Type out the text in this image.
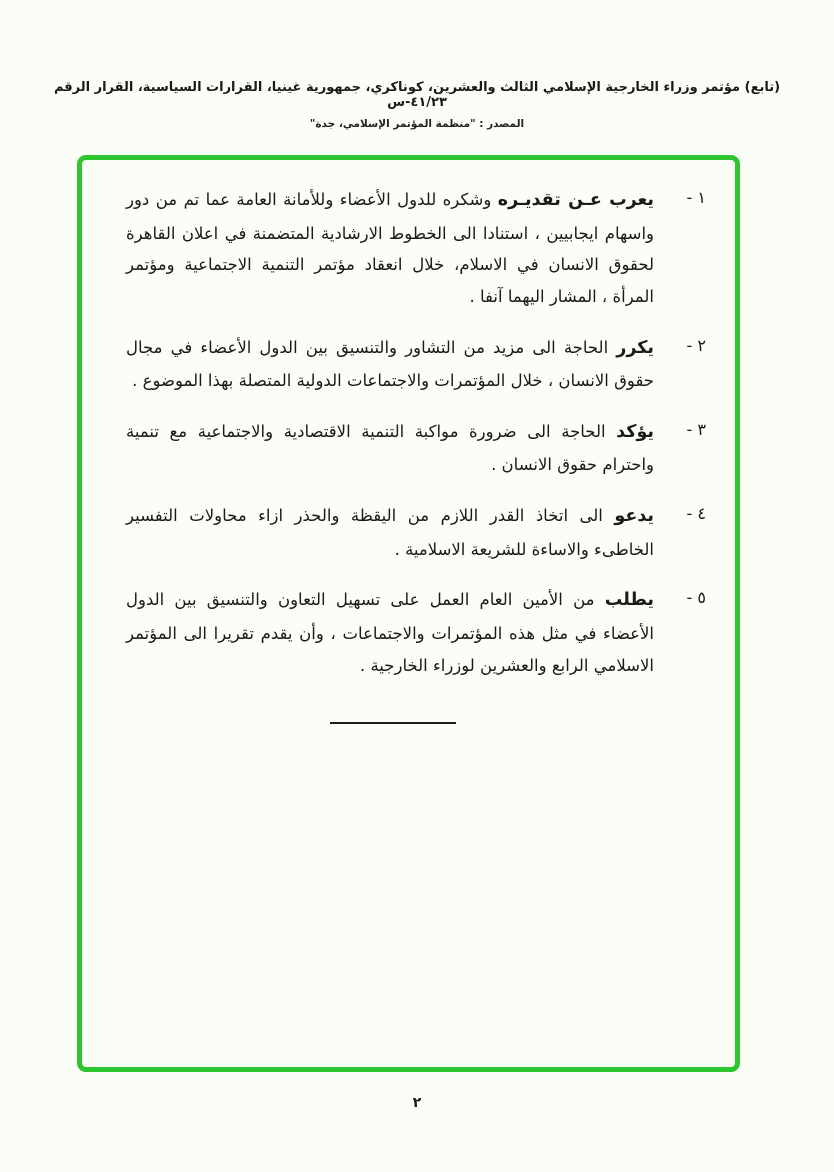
(تابع) مؤتمر وزراء الخارجية الإسلامي الثالث والعشرين، كوناكري، جمهورية غينيا، القرارات السياسية، القرار الرقم ٤١/٢٣-س
المصدر : "منظمة المؤتمر الإسلامي، جدة"
١ -
يعرب عـن تقديـره وشكره للدول الأعضاء وللأمانة العامة عما تم من دور واسهام ايجابيين ، استنادا الى الخطوط الارشادية المتضمنة في اعلان القاهرة لحقوق الانسان في الاسلام، خلال انعقاد مؤتمر التنمية الاجتماعية ومؤتمر المرأة ، المشار اليهما آنفا .
٢ -
يكرر الحاجة الى مزيد من التشاور والتنسيق بين الدول الأعضاء في مجال حقوق الانسان ، خلال المؤتمرات والاجتماعات الدولية المتصلة بهذا الموضوع .
٣ -
يؤكد الحاجة الى ضرورة مواكبة التنمية الاقتصادية والاجتماعية مع تنمية واحترام حقوق الانسان .
٤ -
يدعو الى اتخاذ القدر اللازم من اليقظة والحذر ازاء محاولات التفسير الخاطىء والاساءة للشريعة الاسلامية .
٥ -
يطلب من الأمين العام العمل على تسهيل التعاون والتنسيق بين الدول الأعضاء في مثل هذه المؤتمرات والاجتماعات ، وأن يقدم تقريرا الى المؤتمر الاسلامي الرابع والعشرين لوزراء الخارجية .
٢
